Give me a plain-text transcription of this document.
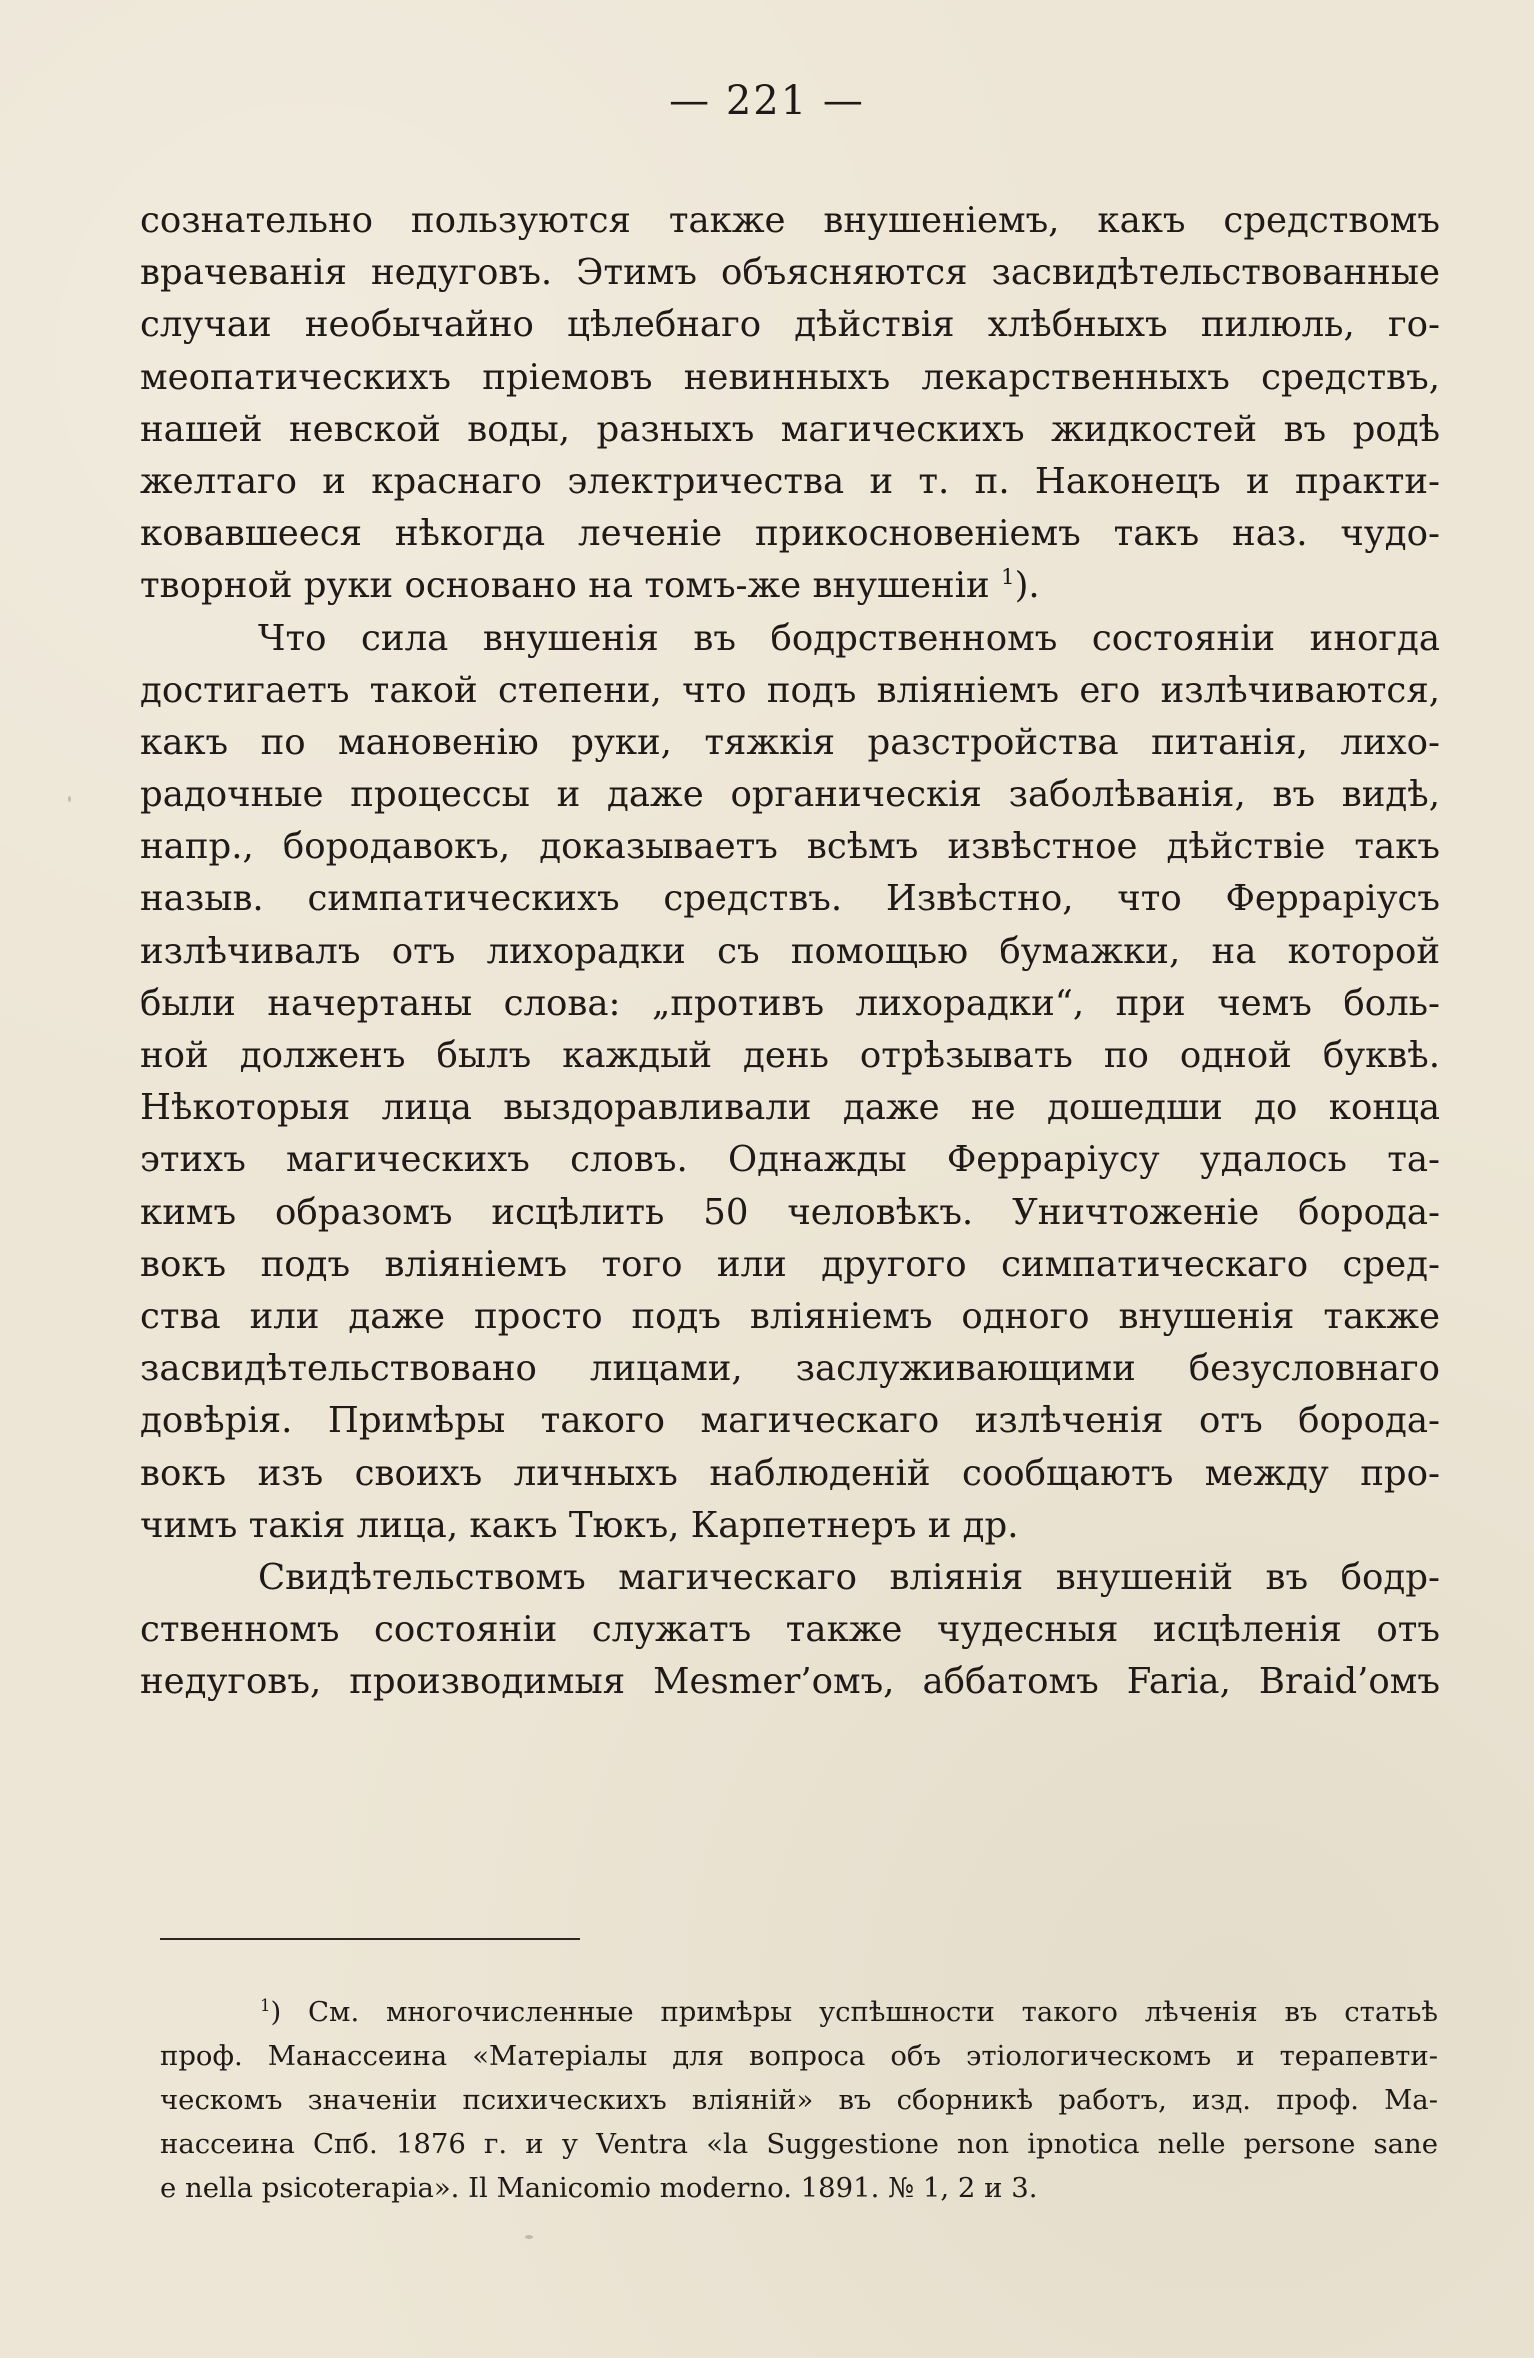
— 221 —
сознательно пользуются также внушеніемъ, какъ средствомъ
врачеванія недуговъ. Этимъ объясняются засвидѣтельствованные
случаи необычайно цѣлебнаго дѣйствія хлѣбныхъ пилюль, го-
меопатическихъ пріемовъ невинныхъ лекарственныхъ средствъ,
нашей невской воды, разныхъ магическихъ жидкостей въ родѣ
желтаго и краснаго электричества и т. п. Наконецъ и практи-
ковавшееся нѣкогда леченіе прикосновеніемъ такъ наз. чудо-
творной руки основано на томъ-же внушеніи $^1$).
Что сила внушенія въ бодрственномъ состояніи иногда
достигаетъ такой степени, что подъ вліяніемъ его излѣчиваются,
какъ по мановенію руки, тяжкія разстройства питанія, лихо-
радочные процессы и даже органическія заболѣванія, въ видѣ,
напр., бородавокъ, доказываетъ всѣмъ извѣстное дѣйствіе такъ
назыв. симпатическихъ средствъ. Извѣстно, что Ферраріусъ
излѣчивалъ отъ лихорадки съ помощью бумажки, на которой
были начертаны слова: „противъ лихорадки“, при чемъ боль-
ной долженъ былъ каждый день отрѣзывать по одной буквѣ.
Нѣкоторыя лица выздоравливали даже не дошедши до конца
этихъ магическихъ словъ. Однажды Ферраріусу удалось та-
кимъ образомъ исцѣлить 50 человѣкъ. Уничтоженіе борода-
вокъ подъ вліяніемъ того или другого симпатическаго сред-
ства или даже просто подъ вліяніемъ одного внушенія также
засвидѣтельствовано лицами, заслуживающими безусловнаго
довѣрія. Примѣры такого магическаго излѣченія отъ борода-
вокъ изъ своихъ личныхъ наблюденій сообщаютъ между про-
чимъ такія лица, какъ Тюкъ, Карпетнеръ и др.
Свидѣтельствомъ магическаго вліянія внушеній въ бодр-
ственномъ состояніи служатъ также чудесныя исцѣленія отъ
недуговъ, производимыя Mesmer’омъ, аббатомъ Faria, Braid’омъ
$^1$) См. многочисленные примѣры успѣшности такого лѣченія въ статьѣ
проф. Манассеина «Матеріалы для вопроса объ этіологическомъ и терапевти-
ческомъ значеніи психическихъ вліяній» въ сборникѣ работъ, изд. проф. Ма-
нассеина Спб. 1876 г. и у Ventra «la Suggestione non ipnotica nelle persone sane
e nella psicoterapia». Il Manicomio moderno. 1891. № 1, 2 и 3.
